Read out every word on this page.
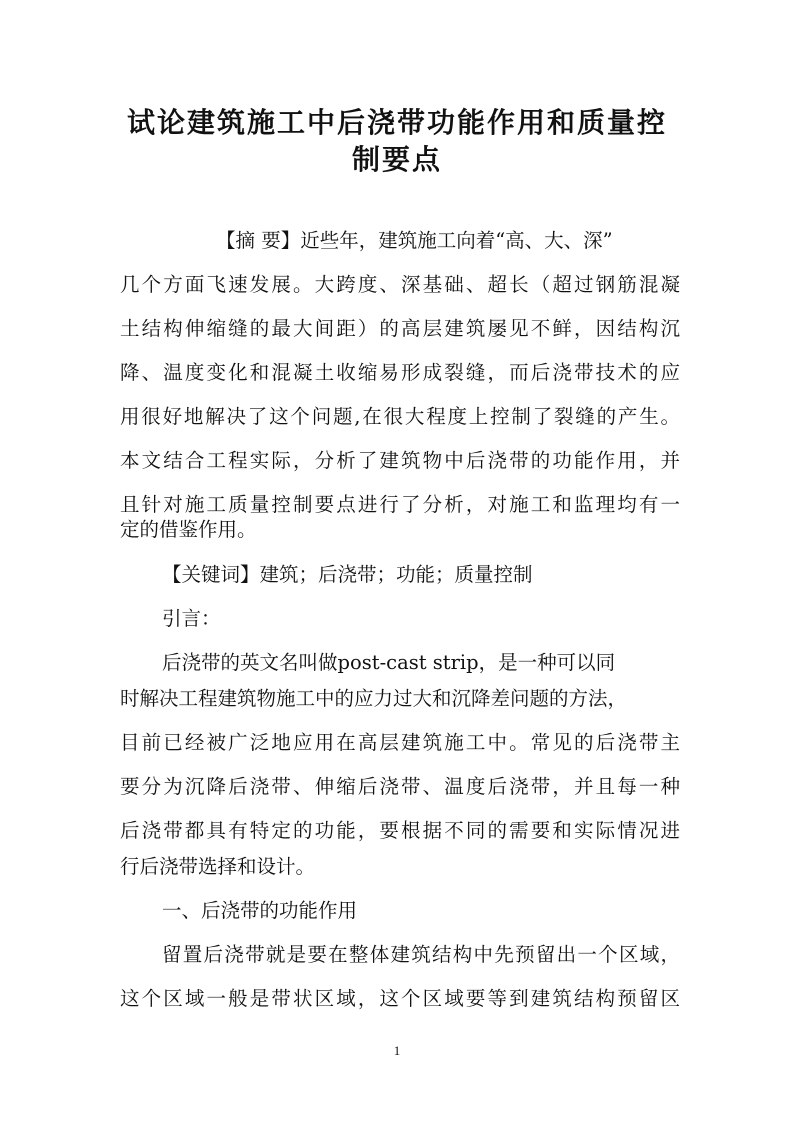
试论建筑施工中后浇带功能作用和质量控
制要点
【摘 要】近些年，建筑施工向着“高、大、深”
几个方面飞速发展。大跨度、深基础、超长（超过钢筋混凝
土结构伸缩缝的最大间距）的高层建筑屡见不鲜，因结构沉
降、温度变化和混凝土收缩易形成裂缝，而后浇带技术的应
用很好地解决了这个问题,在很大程度上控制了裂缝的产生。
本文结合工程实际，分析了建筑物中后浇带的功能作用，并
且针对施工质量控制要点进行了分析，对施工和监理均有一
定的借鉴作用。
【关键词】建筑；后浇带；功能；质量控制
引言：
后浇带的英文名叫做post-cast strip，是一种可以同
时解决工程建筑物施工中的应力过大和沉降差问题的方法，
目前已经被广泛地应用在高层建筑施工中。常见的后浇带主
要分为沉降后浇带、伸缩后浇带、温度后浇带，并且每一种
后浇带都具有特定的功能，要根据不同的需要和实际情况进
行后浇带选择和设计。
一、后浇带的功能作用
留置后浇带就是要在整体建筑结构中先预留出一个区域，
这个区域一般是带状区域，这个区域要等到建筑结构预留区
1
